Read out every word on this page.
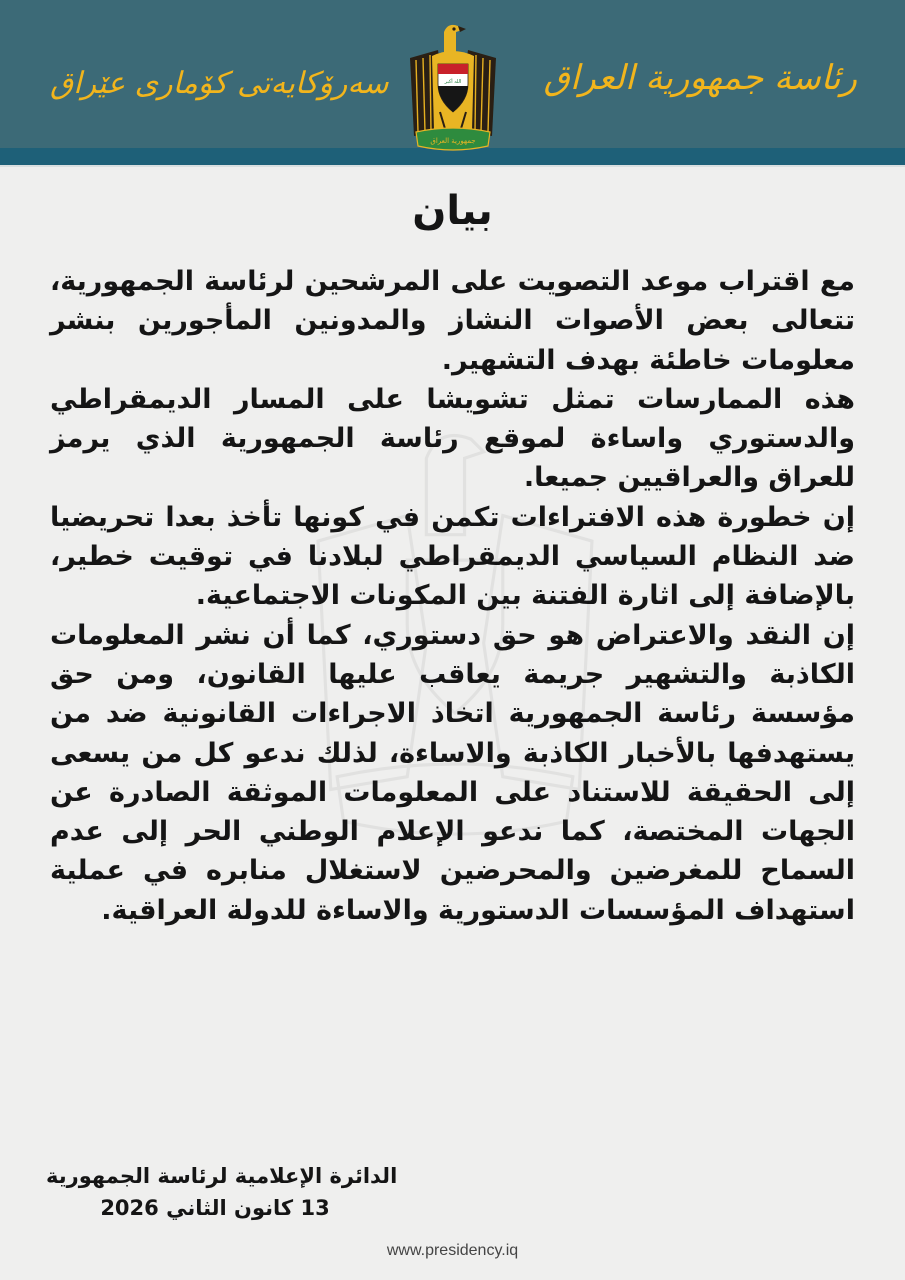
سەرۆکایەتی کۆماری عێراق	رئاسة جمهورية العراق
الله أكبر
جمهورية العراق
بيان

مع اقتراب موعد التصويت على المرشحين لرئاسة الجمهورية، تتعالى بعض الأصوات النشاز والمدونين المأجورين بنشر معلومات خاطئة بهدف التشهير.

هذه الممارسات تمثل تشويشا على المسار الديمقراطي والدستوري واساءة لموقع رئاسة الجمهورية الذي يرمز للعراق والعراقيين جميعا.

إن خطورة هذه الافتراءات تكمن في كونها تأخذ بعدا تحريضيا ضد النظام السياسي الديمقراطي لبلادنا في توقيت خطير، بالإضافة إلى اثارة الفتنة بين المكونات الاجتماعية.

إن النقد والاعتراض هو حق دستوري، كما أن نشر المعلومات الكاذبة والتشهير جريمة يعاقب عليها القانون، ومن حق مؤسسة رئاسة الجمهورية اتخاذ الاجراءات القانونية ضد من يستهدفها بالأخبار الكاذبة والاساءة، لذلك ندعو كل من يسعى إلى الحقيقة للاستناد على المعلومات الموثقة الصادرة عن الجهات المختصة، كما ندعو الإعلام الوطني الحر إلى عدم السماح للمغرضين والمحرضين لاستغلال منابره في عملية استهداف المؤسسات الدستورية والاساءة للدولة العراقية.

الدائرة الإعلامية لرئاسة الجمهورية
13 كانون الثاني 2026
www.presidency.iq
